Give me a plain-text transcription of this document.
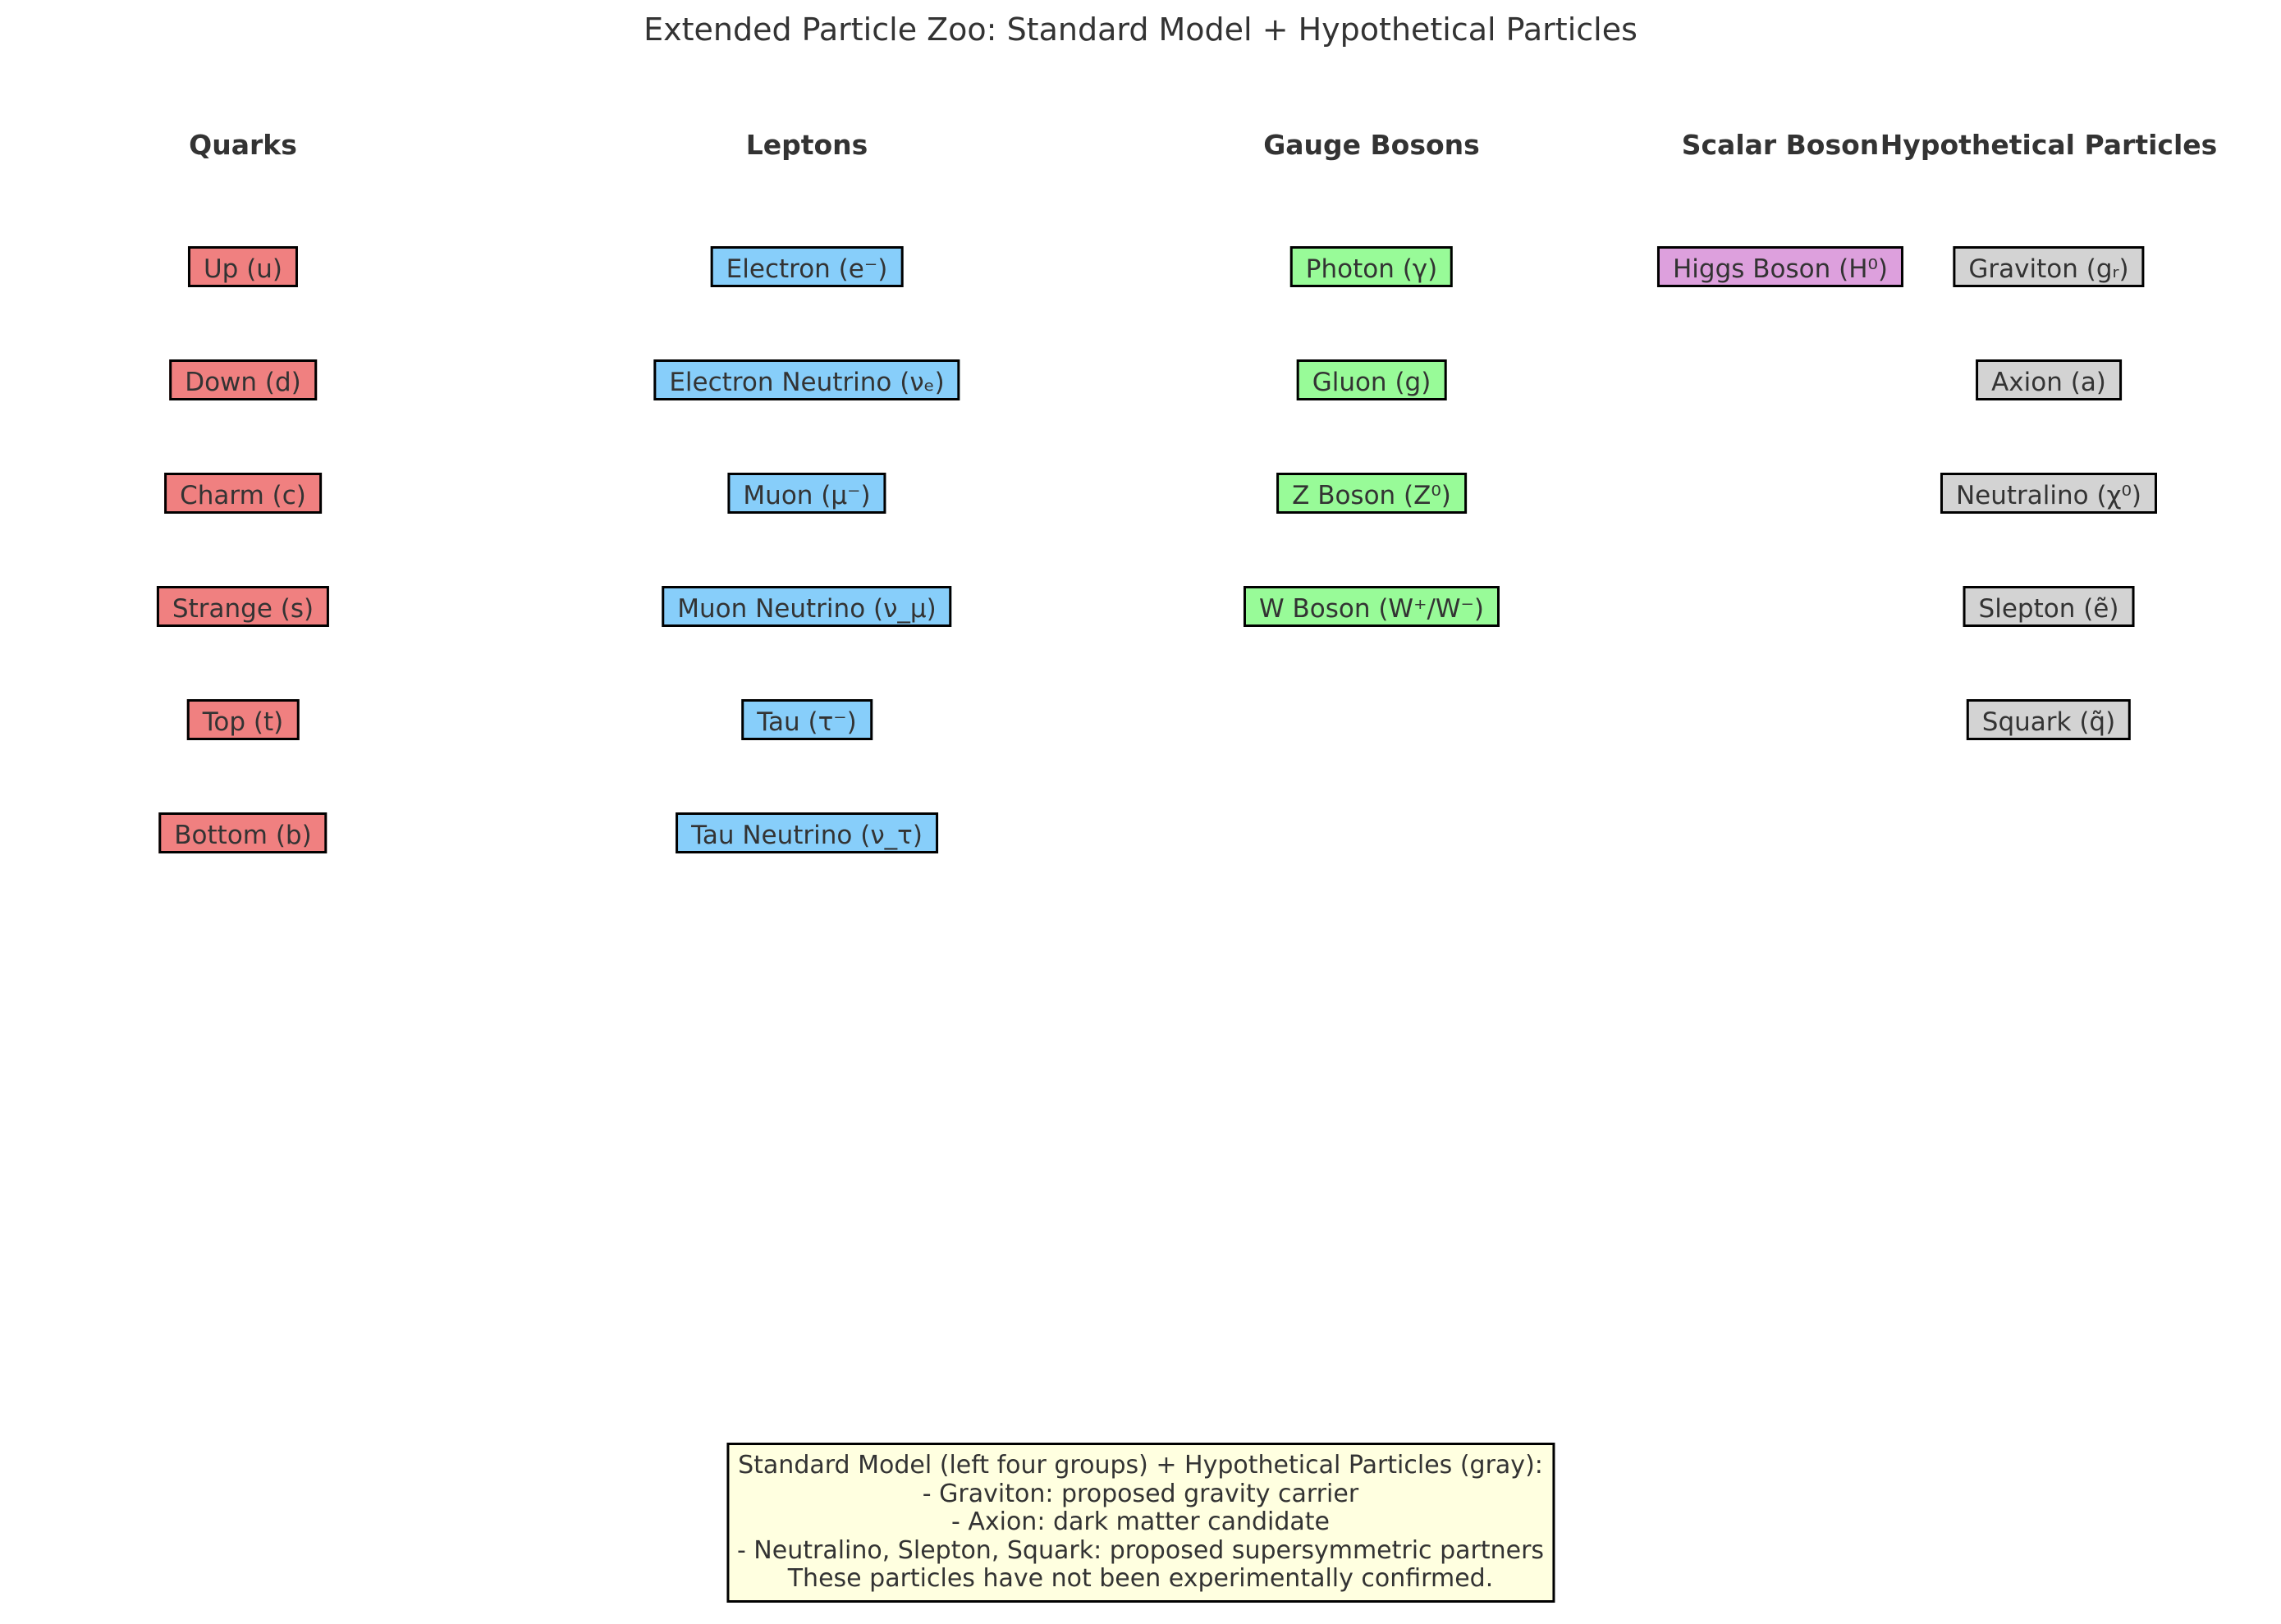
Extended Particle Zoo: Standard Model + Hypothetical Particles
Quarks
Up (u)
Down (d)
Charm (c)
Strange (s)
Top (t)
Bottom (b)
Leptons
Electron (e⁻)
Electron Neutrino (νₑ)
Muon (μ⁻)
Muon Neutrino (ν_μ)
Tau (τ⁻)
Tau Neutrino (ν_τ)
Gauge Bosons
Photon (γ)
Gluon (g)
Z Boson (Z⁰)
W Boson (W⁺/W⁻)
Scalar Boson
Higgs Boson (H⁰)
Hypothetical Particles
Graviton (gᵣ)
Axion (a)
Neutralino (χ⁰)
Slepton (ẽ)
Squark (q̃)
Standard Model (left four groups) + Hypothetical Particles (gray):
- Graviton: proposed gravity carrier
- Axion: dark matter candidate
- Neutralino, Slepton, Squark: proposed supersymmetric partners
These particles have not been experimentally confirmed.
